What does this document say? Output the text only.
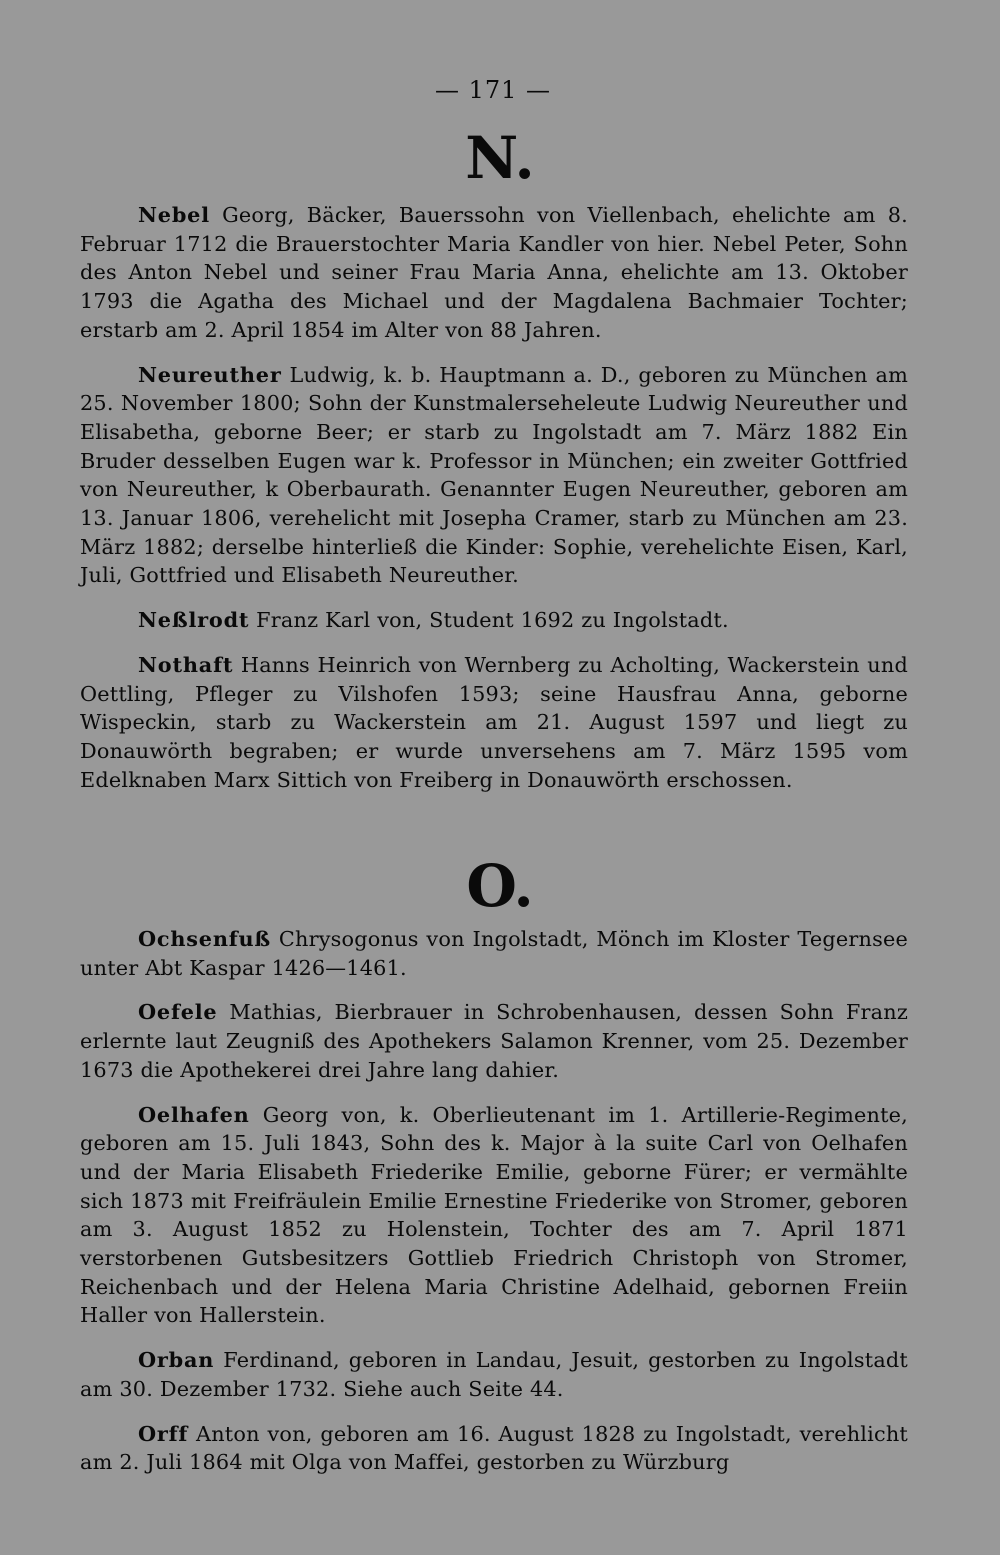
— 171 —
N.

Nebel Georg, Bäcker, Bauerssohn von Viellenbach, ehelichte am 8. Februar 1712 die Brauerstochter Maria Kandler von hier. Nebel Peter, Sohn des Anton Nebel und seiner Frau Maria Anna, ehelichte am 13. Oktober 1793 die Agatha des Michael und der Magdalena Bachmaier Tochter; erstarb am 2. April 1854 im Alter von 88 Jahren.

Neureuther Ludwig, k. b. Hauptmann a. D., geboren zu München am 25. November 1800; Sohn der Kunstmalerseheleute Ludwig Neureuther und Elisabetha, geborne Beer; er starb zu Ingolstadt am 7. März 1882 Ein Bruder desselben Eugen war k. Professor in München; ein zweiter Gottfried von Neureuther, k Oberbaurath. Genannter Eugen Neureuther, geboren am 13. Januar 1806, verehelicht mit Josepha Cramer, starb zu München am 23. März 1882; derselbe hinterließ die Kinder: Sophie, verehelichte Eisen, Karl, Juli, Gottfried und Elisabeth Neureuther.

Neßlrodt Franz Karl von, Student 1692 zu Ingolstadt.

Nothaft Hanns Heinrich von Wernberg zu Acholting, Wackerstein und Oettling, Pfleger zu Vilshofen 1593; seine Hausfrau Anna, geborne Wispeckin, starb zu Wackerstein am 21. August 1597 und liegt zu Donauwörth begraben; er wurde unversehens am 7. März 1595 vom Edelknaben Marx Sittich von Freiberg in Donauwörth erschossen.

O.

Ochsenfuß Chrysogonus von Ingolstadt, Mönch im Kloster Tegernsee unter Abt Kaspar 1426—1461.

Oefele Mathias, Bierbrauer in Schrobenhausen, dessen Sohn Franz erlernte laut Zeugniß des Apothekers Salamon Krenner, vom 25. Dezember 1673 die Apothekerei drei Jahre lang dahier.

Oelhafen Georg von, k. Oberlieutenant im 1. Artillerie-Regimente, geboren am 15. Juli 1843, Sohn des k. Major à la suite Carl von Oelhafen und der Maria Elisabeth Friederike Emilie, geborne Fürer; er vermählte sich 1873 mit Freifräulein Emilie Ernestine Friederike von Stromer, geboren am 3. August 1852 zu Holenstein, Tochter des am 7. April 1871 verstorbenen Gutsbesitzers Gottlieb Friedrich Christoph von Stromer, Reichenbach und der Helena Maria Christine Adelhaid, gebornen Freiin Haller von Hallerstein.

Orban Ferdinand, geboren in Landau, Jesuit, gestorben zu Ingolstadt am 30. Dezember 1732. Siehe auch Seite 44.

Orff Anton von, geboren am 16. August 1828 zu Ingolstadt, verehlicht am 2. Juli 1864 mit Olga von Maffei, gestorben zu Würzburg
